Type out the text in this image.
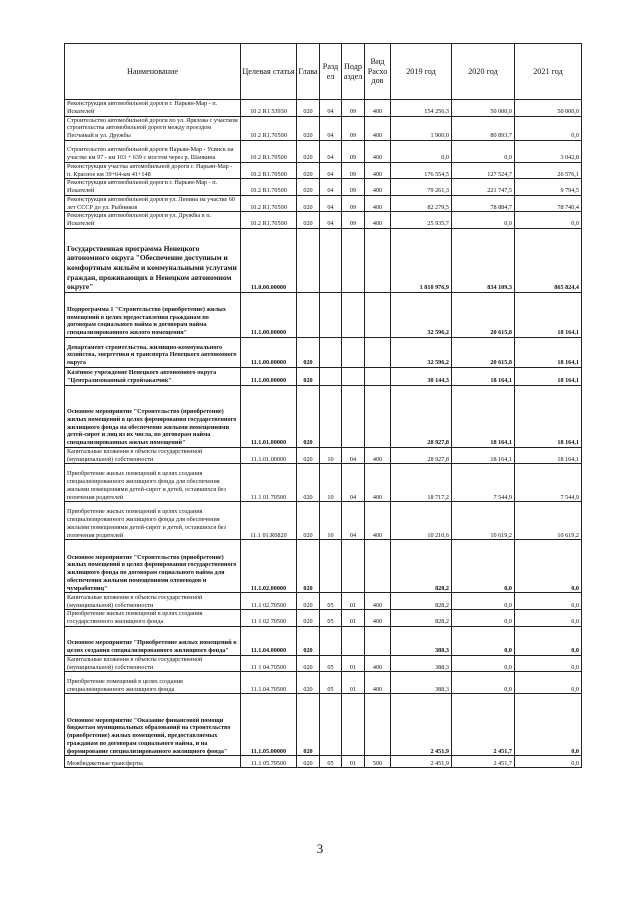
Наименование	Целевая статья	Глава	Разд ел	Подр аздел	Вид Расхо дов	2019 год	2020 год	2021 год
Реконструкция автомобильной дороги г. Нарьян-Мар - п. Искателей	10 2 R1 53930	020	04	09	400	154 256,3	50 000,0	50 000,0
Строительство автомобильной дороги по ул. Ярвлова с участком строительства автомобильной дороги между проездом Песчаный и ул. Дружбы	10 2 R1.70500	020	04	09	400	1 900,0	80 893,7	0,0
Строительство автомобильной дороги Нарьян-Мар - Усинск на участке км 97 - км 103 + 639 с мостом через р. Шапкина	10 2 R1.70500	020	04	09	400	0,0	0,0	3 042,8
Реконструкция участка автомобильной дороги г. Нарьян-Мар - п. Красное км 39+64-км 41+148	10.2 R1.70500	020	04	09	400	176 554,5	127 524,7	26 576,1
Реконструкция автомобильной дороги г. Нарьян-Мар - п. Искателей	10.2 R1.70500	020	04	09	400	79 261,3	221 747,5	9 794,5
Реконструкция автомобильной дороги ул. Ленина на участке 60 лет СССР до ул. Рыбников	10.2 R1.70500	020	04	09	400	82 279,5	78 884,7	78 740,4
Реконструкция автомобильной дороги ул. Дружбы в п. Искателей	10.2 R1.70500	020	04	09	400	25 935,7	0,0	0,0
Государственная программа Ненецкого автономного округа "Обеспечение доступным и комфортным жильём и коммунальными услугами граждан, проживающих в Ненецком автономном округе"	11.0.00.00000					1 810 976,9	834 109,3	865 824,4
Подпрограмма 1 "Строительство (приобретение) жилых помещений в целях предоставления гражданам по договорам социального найма и договорам найма специализированного жилого помещения"	11.1.00.00000					32 596,2	20 615,8	18 164,1
Департамент строительства, жилищно-коммунального хозяйства, энергетики и транспорта Ненецкого автономного округа	11.1.00.00000	020				32 596,2	20 615,8	18 164,1
Казённое учреждение Ненецкого автономного округа "Централизованный стройзаказчик"	11.1.00.00000	020				30 144,3	18 164,1	18 164,1
Основное мероприятие "Строительство (приобретение) жилых помещений в целях формирования государственного жилищного фонда на обеспечение жилыми помещениями детей-сирот и лиц из их числа, по договорам найма специализированных жилых помещений"	11.1.01.00000	020				28 927,8	18 164,1	18 164,1
Капитальные вложения в объекты государственной (муниципальной) собственности	11.1.01.00000	020	10	04	400	28 927,8	18 164,1	18 164,1
Приобретение жилых помещений в целях создания специализированного жилищного фонда для обеспечения жилыми помещениями детей-сирот и детей, оставшихся без попечения родителей	11.1 01 70500	020	10	04	400	18 717,2	7 544,9	7 544,9
Приобретение жилых помещений в целях создания специализированного жилищного фонда для обеспечения жилыми помещениями детей-сирот и детей, оставшихся без попечения родителей	11.1 01.R0820	020	10	04	400	10 210,6	10 619,2	10 619,2
Основное мероприятие "Строительство (приобретение) жилых помещений в целях формирования государственного жилищного фонда по договорам социального найма для обеспечения жилыми помещениями оленеводов и чумработниц"	11.1.02.00000	020				828,2	0,0	0,0
Капитальные вложения в объекты государственной (муниципальной) собственности	11.1 02.70500	020	05	01	400	828,2	0,0	0,0
Приобретение жилых помещений в целях создания государственного жилищного фонда	11 1 02 70500	020	05	01	400	828,2	0,0	0,0
Основное мероприятие "Приобретение жилых помещений в целях создания специализированного жилищного фонда"	11.1.04.00000	020				388,3	0,0	0,0
Капитальные вложения в объекты государственной (муниципальной) собственности	11 1 04.70500	020	05	01	400	388,3	0,0	0,0
Приобретение помещений в целях создания специализированного жилищного фонда	11.1.04.70500	020	05	01	400	388,3	0,0	0,0
Основное мероприятие "Оказание финансовой помощи бюджетам муниципальных образований на строительство (приобретение) жилых помещений, предоставляемых гражданам по договорам социального найма, и на формирование специализированного жилищного фонда"	11.1.05.00000	020				2 451,9	2 451,7	0,0
Межбюджетные трансферты	11.1 05.79500	020	05	01	500	2 451,9	2 451,7	0,0
3
